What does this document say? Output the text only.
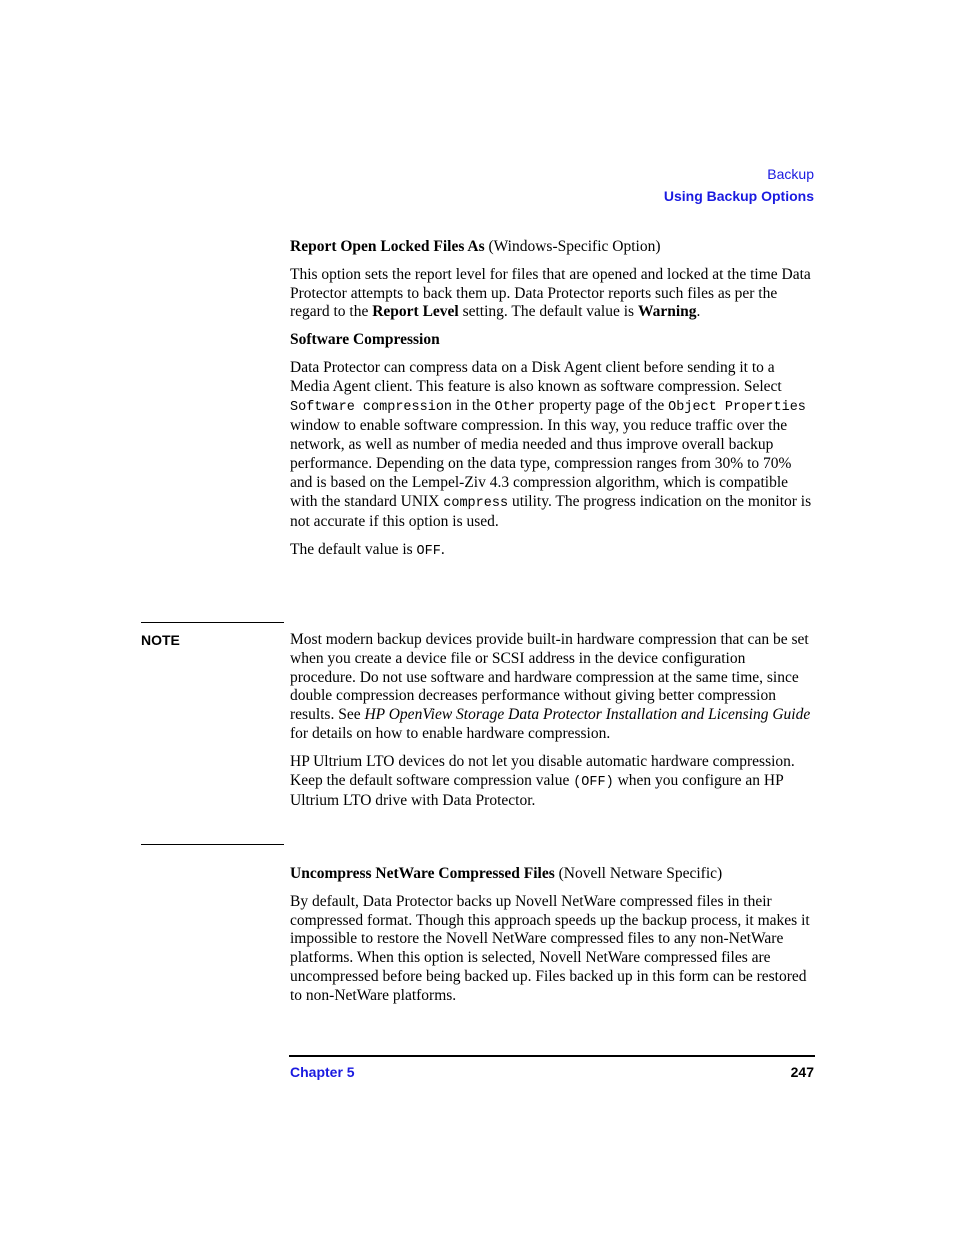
Backup
Using Backup Options

Report Open Locked Files As (Windows-Specific Option)

This option sets the report level for files that are opened and locked at the time Data Protector attempts to back them up. Data Protector reports such files as per the regard to the Report Level setting. The default value is Warning.

Software Compression

Data Protector can compress data on a Disk Agent client before sending it to a Media Agent client. This feature is also known as software compression. Select Software compression in the Other property page of the Object Properties window to enable software compression. In this way, you reduce traffic over the network, as well as number of media needed and thus improve overall backup performance. Depending on the data type, compression ranges from 30% to 70% and is based on the Lempel-Ziv 4.3 compression algorithm, which is compatible with the standard UNIX compress utility. The progress indication on the monitor is not accurate if this option is used.

The default value is OFF.

NOTE	Most modern backup devices provide built-in hardware compression that can be set when you create a device file or SCSI address in the device configuration procedure. Do not use software and hardware compression at the same time, since double compression decreases performance without giving better compression results. See HP OpenView Storage Data Protector Installation and Licensing Guide for details on how to enable hardware compression.

HP Ultrium LTO devices do not let you disable automatic hardware compression. Keep the default software compression value (OFF) when you configure an HP Ultrium LTO drive with Data Protector.

Uncompress NetWare Compressed Files (Novell Netware Specific)

By default, Data Protector backs up Novell NetWare compressed files in their compressed format. Though this approach speeds up the backup process, it makes it impossible to restore the Novell NetWare compressed files to any non-NetWare platforms. When this option is selected, Novell NetWare compressed files are uncompressed before being backed up. Files backed up in this form can be restored to non-NetWare platforms.

Chapter 5	247
